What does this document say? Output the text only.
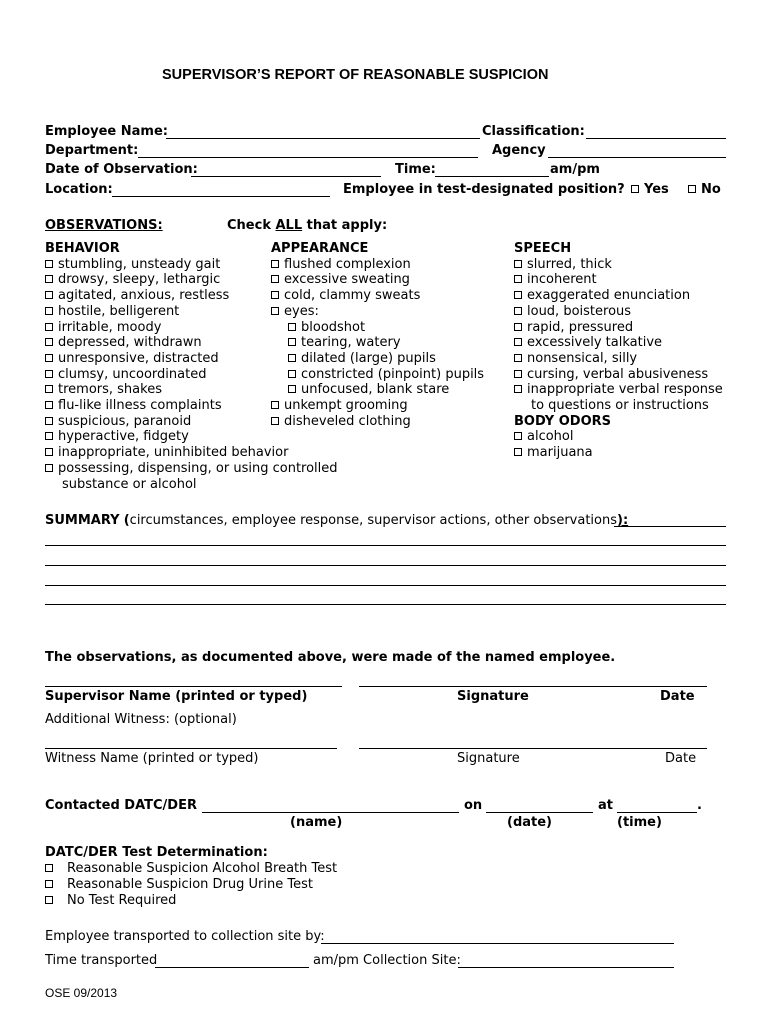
SUPERVISOR’S REPORT OF REASONABLE SUSPICION
Employee Name:	Classification:
Department:	Agency
Date of Observation:	Time:	am/pm
Location:	Employee in test-designated position?	Yes	No
OBSERVATIONS:	Check ALL that apply:
BEHAVIOR
stumbling, unsteady gait
drowsy, sleepy, lethargic
agitated, anxious, restless
hostile, belligerent
irritable, moody
depressed, withdrawn
unresponsive, distracted
clumsy, uncoordinated
tremors, shakes
flu-like illness complaints
suspicious, paranoid
hyperactive, fidgety
inappropriate, uninhibited behavior
possessing, dispensing, or using controlled
substance or alcohol
APPEARANCE
flushed complexion
excessive sweating
cold, clammy sweats
eyes:
bloodshot
tearing, watery
dilated (large) pupils
constricted (pinpoint) pupils
unfocused, blank stare
unkempt grooming
disheveled clothing
SPEECH
slurred, thick
incoherent
exaggerated enunciation
loud, boisterous
rapid, pressured
excessively talkative
nonsensical, silly
cursing, verbal abusiveness
inappropriate verbal response
to questions or instructions
BODY ODORS
alcohol
marijuana
SUMMARY (circumstances, employee response, supervisor actions, other observations):
The observations, as documented above, were made of the named employee.
Supervisor Name (printed or typed)	Signature	Date
Additional Witness: (optional)
Witness Name (printed or typed)	Signature	Date
Contacted DATC/DER	on	at	.
(name)	(date)	(time)
DATC/DER Test Determination:
Reasonable Suspicion Alcohol Breath Test
Reasonable Suspicion Drug Urine Test
No Test Required
Employee transported to collection site by:
Time transported	am/pm Collection Site:
OSE 09/2013
